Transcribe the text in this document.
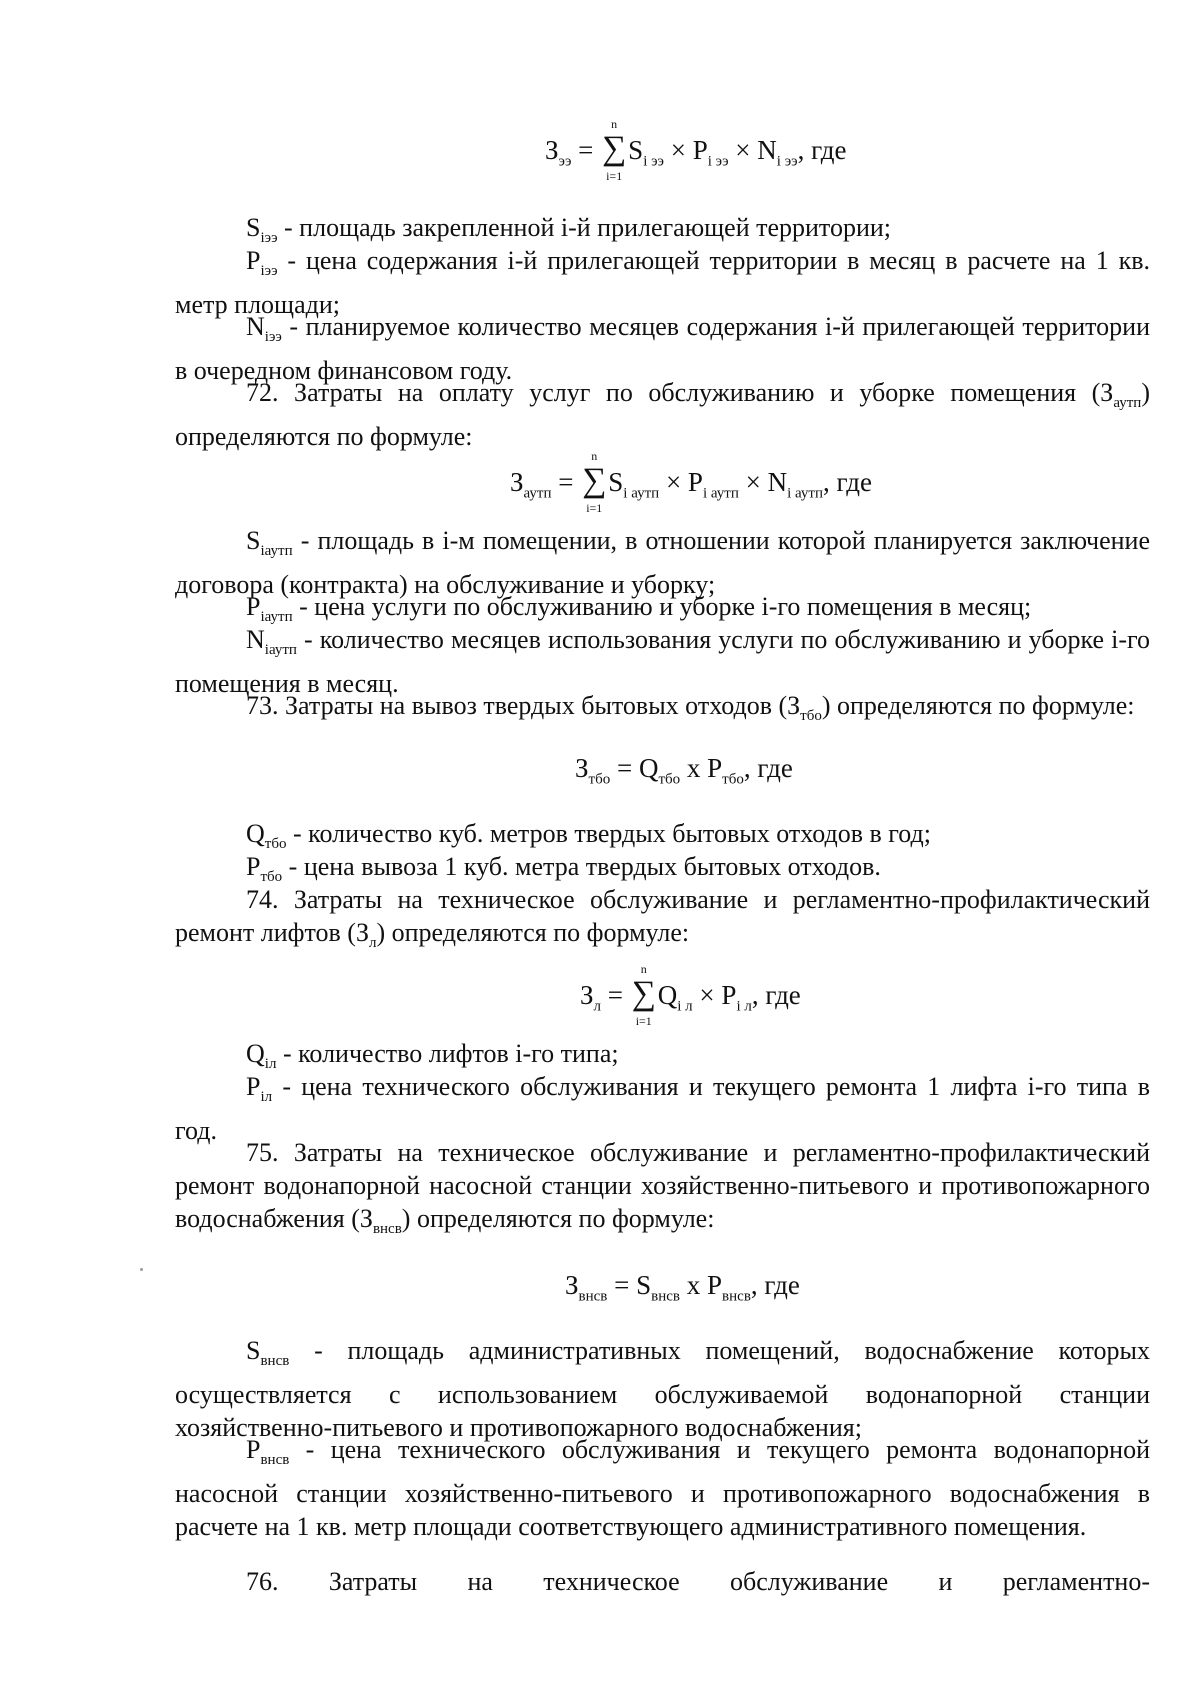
$З_{ээ}$ =
n
∑
i=1
$S_{i ээ} \times P_{i ээ} \times N_{i ээ}$, где

$S_{iээ}$ - площадь закрепленной i-й прилегающей территории;

$P_{iээ}$ - цена содержания i-й прилегающей территории в месяц в расчете на 1 кв. метр площади;

$N_{iээ}$ - планируемое количество месяцев содержания i-й прилегающей территории в очередном финансовом году.

72. Затраты на оплату услуг по обслуживанию и уборке помещения $(З_{аутп})$ определяются по формуле:

$З_{аутп}$ =
n
∑
i=1
$S_{i аутп} \times P_{i аутп} \times N_{i аутп}$, где

$S_{iаутп}$ - площадь в i-м помещении, в отношении которой планируется заключение договора (контракта) на обслуживание и уборку;

$P_{iаутп}$ - цена услуги по обслуживанию и уборке i-го помещения в месяц;

$N_{iаутп}$ - количество месяцев использования услуги по обслуживанию и уборке i-го помещения в месяц.

73. Затраты на вывоз твердых бытовых отходов $(З_{тбо})$ определяются по формуле:

$З_{тбо} = Q_{тбо}$ x $P_{тбо}$, где

$Q_{тбо}$ - количество куб. метров твердых бытовых отходов в год;

$P_{тбо}$ - цена вывоза 1 куб. метра твердых бытовых отходов.

74. Затраты на техническое обслуживание и регламентно-профилактический ремонт лифтов $(З_л)$ определяются по формуле:

$З_л$ =
n
∑
i=1
$Q_{i л} \times P_{i л}$, где

$Q_{iл}$ - количество лифтов i-го типа;

$P_{iл}$ - цена технического обслуживания и текущего ремонта 1 лифта i-го типа в год.

75. Затраты на техническое обслуживание и регламентно-профилактический ремонт водонапорной насосной станции хозяйственно-питьевого и противопожарного водоснабжения $(З_{внсв})$ определяются по формуле:

$З_{внсв} = S_{внсв}$ x $P_{внсв}$, где

$S_{внсв}$ - площадь административных помещений, водоснабжение которых осуществляется с использованием обслуживаемой водонапорной станции хозяйственно-питьевого и противопожарного водоснабжения;

$P_{внсв}$ - цена технического обслуживания и текущего ремонта водонапорной насосной станции хозяйственно-питьевого и противопожарного водоснабжения в расчете на 1 кв. метр площади соответствующего административного помещения.

76. Затраты на техническое обслуживание и регламентно-
